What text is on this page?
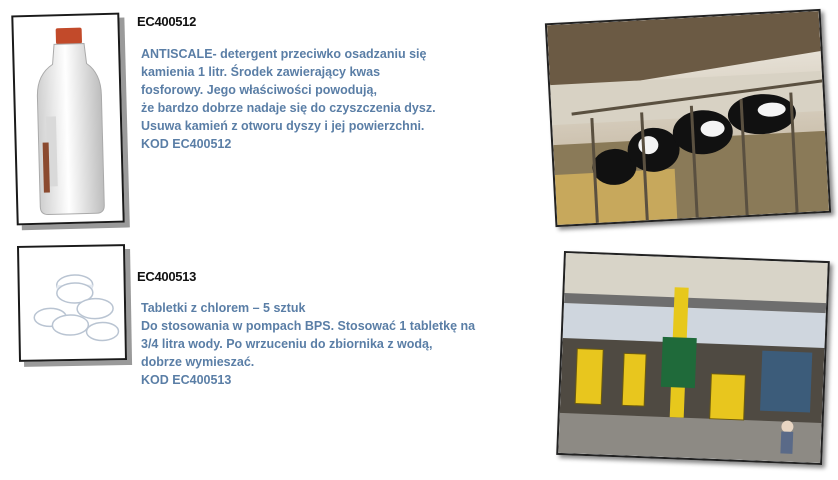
EC400512
ANTISCALE- detergent przeciwko osadzaniu się
kamienia 1 litr. Środek zawierający kwas
fosforowy. Jego właściwości powodują,
że bardzo dobrze nadaje się do czyszczenia dysz.
Usuwa kamień z otworu dyszy i jej powierzchni.
KOD EC400512
EC400513
Tabletki z chlorem – 5 sztuk
Do stosowania w pompach BPS. Stosować 1 tabletkę na
3/4 litra wody. Po wrzuceniu do zbiornika z wodą,
dobrze wymieszać.
KOD EC400513
